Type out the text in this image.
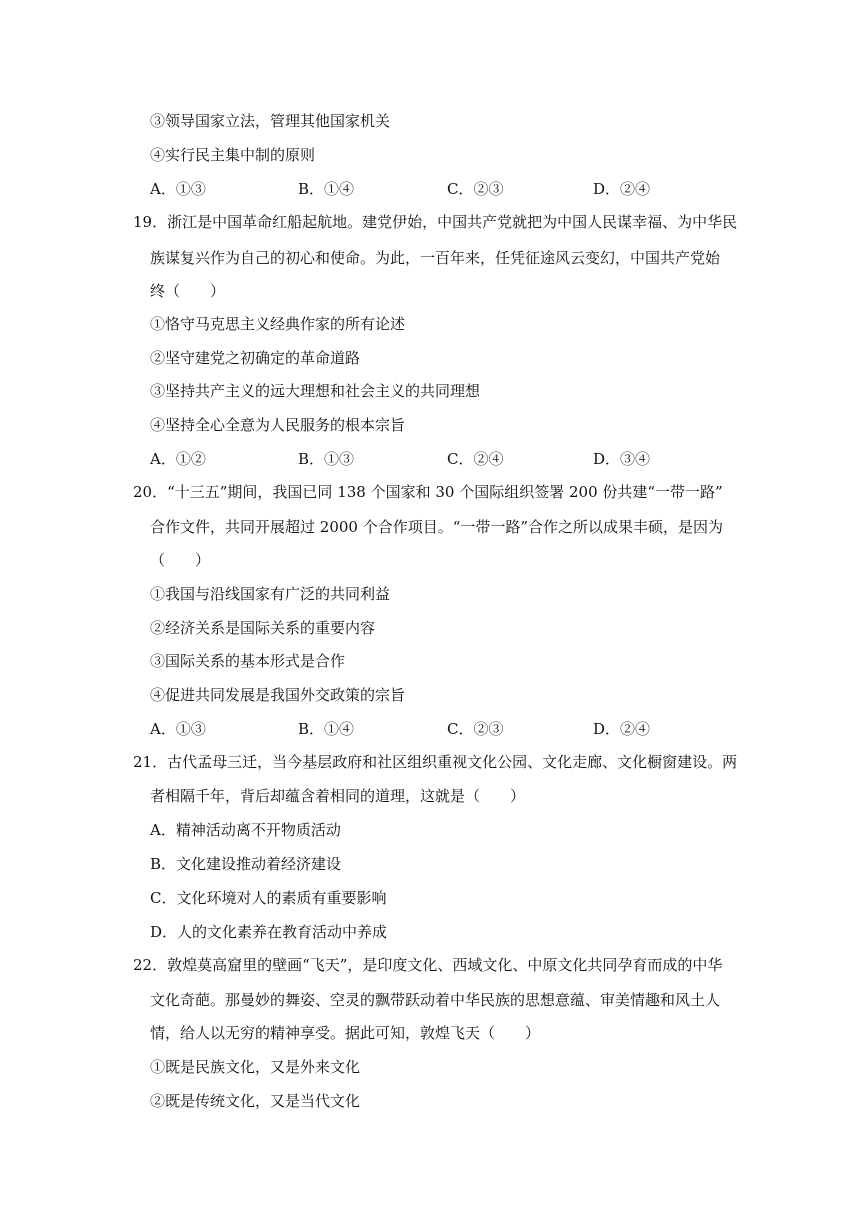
③领导国家立法，管理其他国家机关
④实行民主集中制的原则
A．①③	B．①④	C．②③	D．②④
19．浙江是中国革命红船起航地。建党伊始，中国共产党就把为中国人民谋幸福、为中华民
族谋复兴作为自己的初心和使命。为此，一百年来，任凭征途风云变幻，中国共产党始
终（　　）
①恪守马克思主义经典作家的所有论述
②坚守建党之初确定的革命道路
③坚持共产主义的远大理想和社会主义的共同理想
④坚持全心全意为人民服务的根本宗旨
A．①②	B．①③	C．②④	D．③④
20．“十三五”期间，我国已同 138 个国家和 30 个国际组织签署 200 份共建“一带一路”
合作文件，共同开展超过 2000 个合作项目。“一带一路”合作之所以成果丰硕，是因为
（　　）
①我国与沿线国家有广泛的共同利益
②经济关系是国际关系的重要内容
③国际关系的基本形式是合作
④促进共同发展是我国外交政策的宗旨
A．①③	B．①④	C．②③	D．②④
21．古代孟母三迁，当今基层政府和社区组织重视文化公园、文化走廊、文化橱窗建设。两
者相隔千年，背后却蕴含着相同的道理，这就是（　　）
A．精神活动离不开物质活动
B．文化建设推动着经济建设
C．文化环境对人的素质有重要影响
D．人的文化素养在教育活动中养成
22．敦煌莫高窟里的壁画“飞天”，是印度文化、西域文化、中原文化共同孕育而成的中华
文化奇葩。那曼妙的舞姿、空灵的飘带跃动着中华民族的思想意蕴、审美情趣和风土人
情，给人以无穷的精神享受。据此可知，敦煌飞天（　　）
①既是民族文化，又是外来文化
②既是传统文化，又是当代文化
